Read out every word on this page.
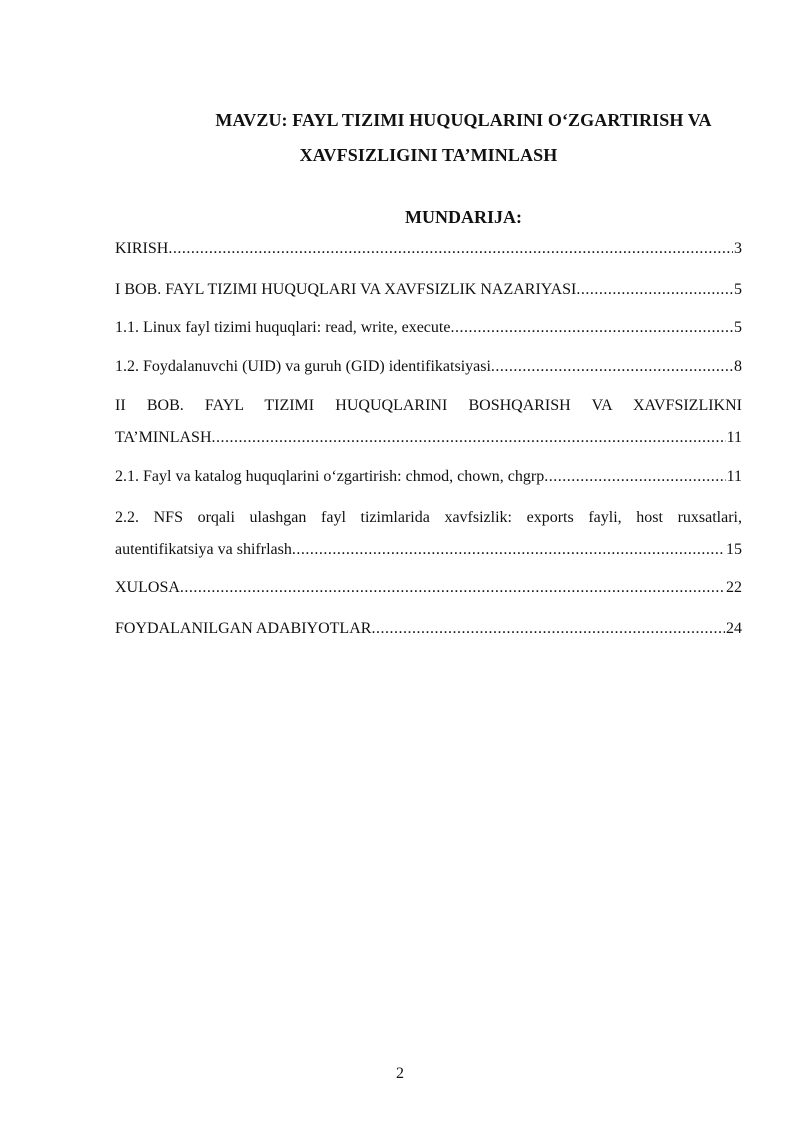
MAVZU: FAYL TIZIMI HUQUQLARINI O‘ZGARTIRISH VA
XAVFSIZLIGINI TA’MINLASH
MUNDARIJA:
KIRISH .....	3
I BOB. FAYL TIZIMI HUQUQLARI VA XAVFSIZLIK NAZARIYASI .....	5
1.1. Linux fayl tizimi huquqlari: read, write, execute .....	5
1.2. Foydalanuvchi (UID) va guruh (GID) identifikatsiyasi .....	8
II BOB. FAYL TIZIMI HUQUQLARINI BOSHQARISH VA XAVFSIZLIKNI
TA’MINLASH .....	11
2.1. Fayl va katalog huquqlarini o‘zgartirish: chmod, chown, chgrp .....	11
2.2. NFS orqali ulashgan fayl tizimlarida xavfsizlik: exports fayli, host ruxsatlari,
autentifikatsiya va shifrlash .....	15
XULOSA .....	22
FOYDALANILGAN ADABIYOTLAR .....	24
2
